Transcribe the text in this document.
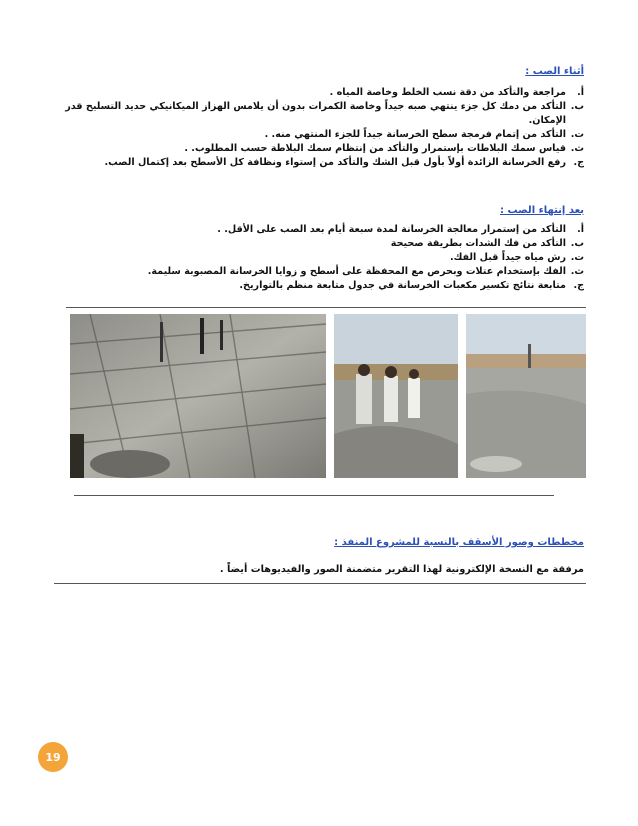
أثناء الصب :
أ.
مراجعة والتأكد من دقة نسب الخلط وخاصة المياه .
ب.
التأكد من دمك كل جزء ينتهي صبه جيداً وخاصة الكمرات بدون أن يلامس الهزاز الميكانيكي حديد التسليح قدر الإمكان.
ت.
التأكد من إتمام فرمجة سطح الخرسانة جيداً للجزء المنتهي منه. .
ث.
قياس سمك البلاطات بإستمرار والتأكد من إنتظام سمك البلاطة حسب المطلوب. .
ج.
رفع الخرسانة الزائدة أولاً بأول قبل الشك والتأكد من إستواء ونظافة كل الأسطح بعد إكتمال الصب.
بعد إنتهاء الصب :
أ.
التأكد من إستمرار معالجة الخرسانة لمدة سبعة أيام بعد الصب على الأقل. .
ب.
التأكد من فك الشدات بطريقة صحيحة
ت.
رش مياه جيداً قبل الفك.
ث.
الفك بإستخدام عتلات وبحرص مع المحفظة على أسطح و زوايا الخرسانة المصبوبة سليمة.
ج.
متابعة نتائج تكسير مكعبات الخرسانة في جدول متابعة منظم بالتواريخ.
مخططات وصور الأسقف بالنسبة للمشروع المنفذ :
مرفقة مع النسخة الإلكترونية لهذا التقرير متضمنة الصور والفيديوهات أيضاً .
19
